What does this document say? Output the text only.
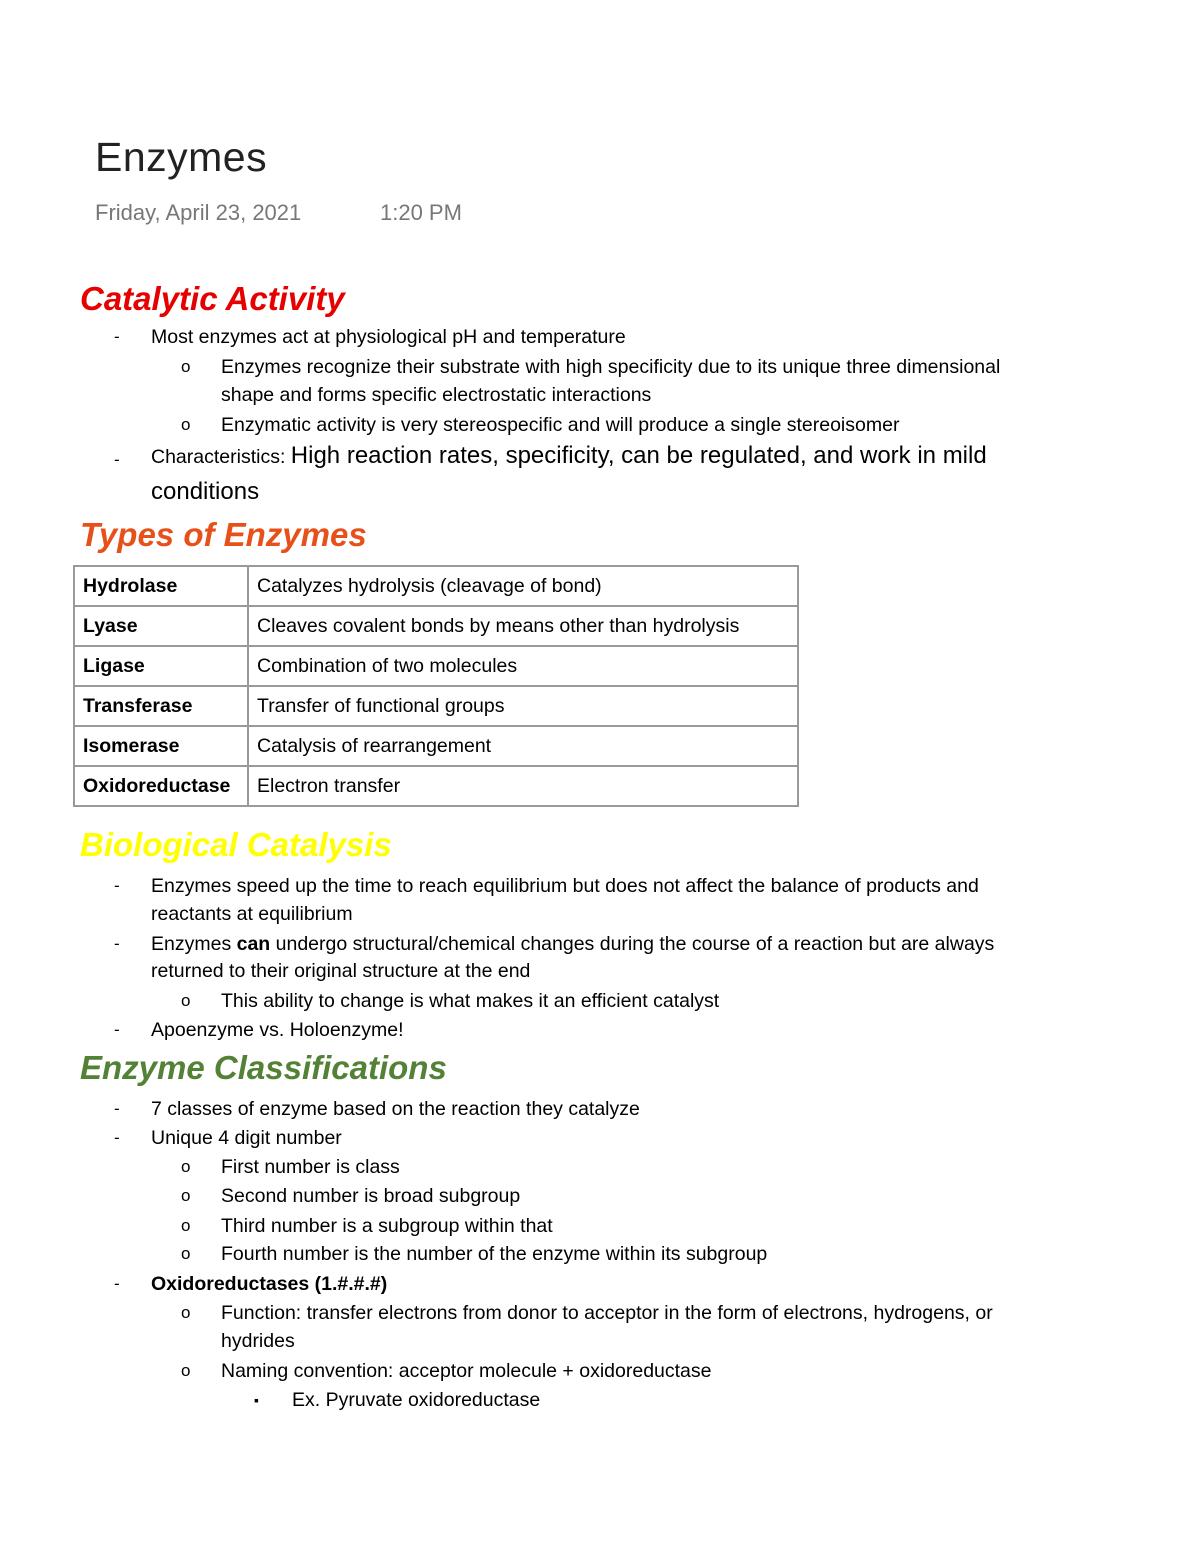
Enzymes
Friday, April 23, 2021	1:20 PM
Catalytic Activity
- Most enzymes act at physiological pH and temperature
o Enzymes recognize their substrate with high specificity due to its unique three dimensional
shape and forms specific electrostatic interactions
o Enzymatic activity is very stereospecific and will produce a single stereoisomer
- Characteristics: High reaction rates, specificity, can be regulated, and work in mild
conditions
Types of Enzymes
Hydrolase	Catalyzes hydrolysis (cleavage of bond)
Lyase	Cleaves covalent bonds by means other than hydrolysis
Ligase	Combination of two molecules
Transferase	Transfer of functional groups
Isomerase	Catalysis of rearrangement
Oxidoreductase	Electron transfer
Biological Catalysis
- Enzymes speed up the time to reach equilibrium but does not affect the balance of products and
reactants at equilibrium
- Enzymes can undergo structural/chemical changes during the course of a reaction but are always
returned to their original structure at the end
o This ability to change is what makes it an efficient catalyst
- Apoenzyme vs. Holoenzyme!
Enzyme Classifications
- 7 classes of enzyme based on the reaction they catalyze
- Unique 4 digit number
o First number is class
o Second number is broad subgroup
o Third number is a subgroup within that
o Fourth number is the number of the enzyme within its subgroup
- Oxidoreductases (1.#.#.#)
o Function: transfer electrons from donor to acceptor in the form of electrons, hydrogens, or
hydrides
o Naming convention: acceptor molecule + oxidoreductase
▪ Ex. Pyruvate oxidoreductase
